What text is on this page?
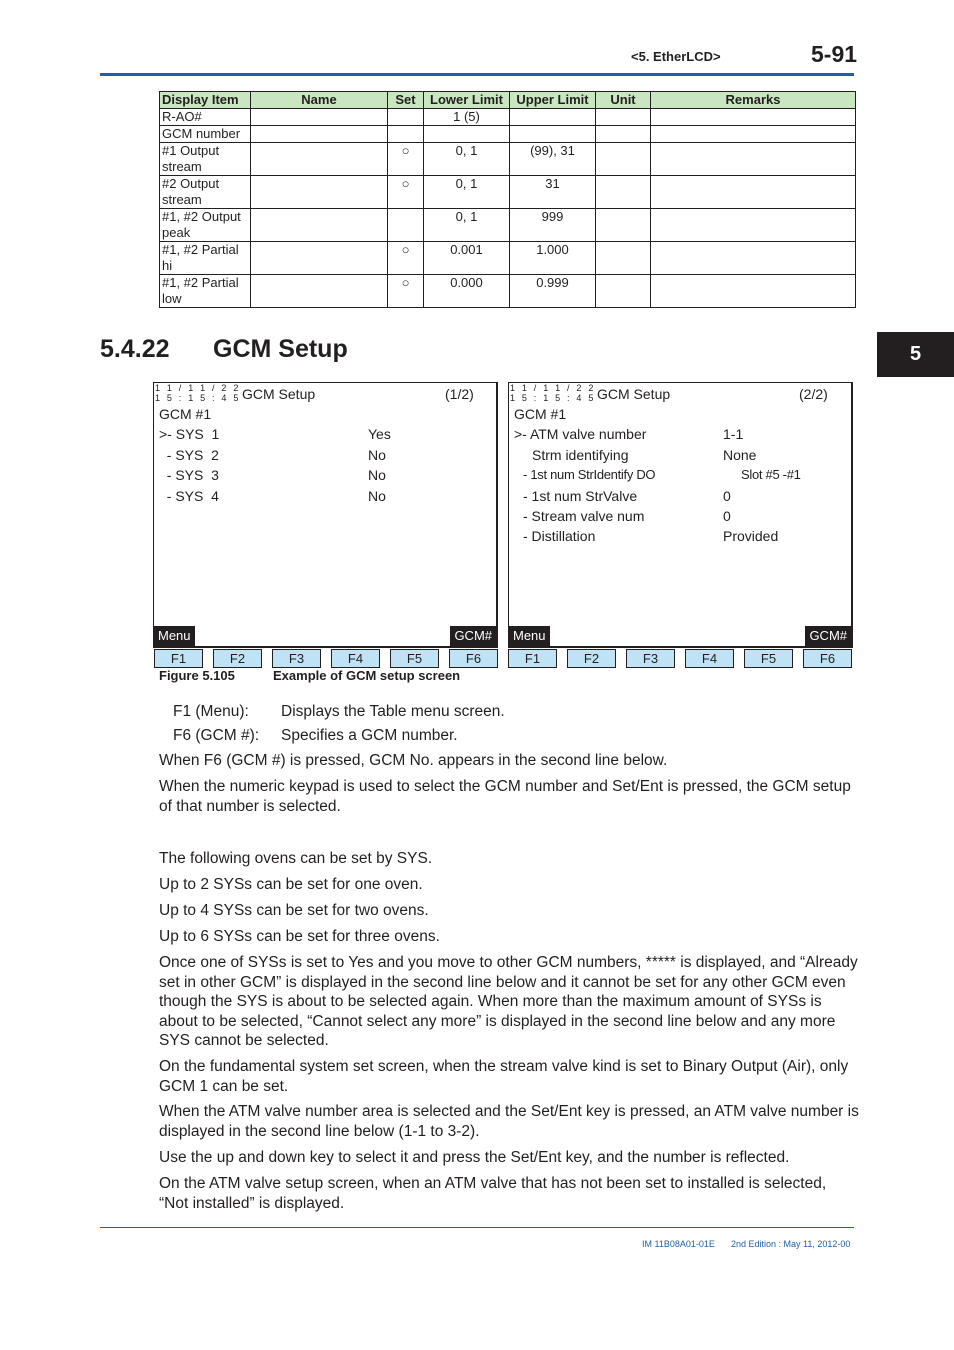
<5. EtherLCD>	5-91
5
Display Item	Name	Set	Lower Limit	Upper Limit	Unit	Remarks
R-AO#			1 (5)			
GCM number						
#1 Output stream		○	0, 1	(99), 31		
#2 Output stream		○	0, 1	31		
#1, #2 Output peak			0, 1	999		
#1, #2 Partial hi		○	0.001	1.000		
#1, #2 Partial low		○	0.000	0.999		
5.4.22 GCM Setup
1 1 / 1 1 / 2 2
1 5 : 1 5 : 4 5 GCM Setup	(1/2)
GCM #1
>- SYS  1	Yes
- SYS  2	No
- SYS  3	No
- SYS  4	No
Menu	GCM#
F1	F2	F3	F4	F5	F6
1 1 / 1 1 / 2 2
1 5 : 1 5 : 4 5 GCM Setup	(2/2)
GCM #1
>- ATM valve number	1-1
Strm identifying	None
- 1st num StrIdentify DO	Slot #5 -#1
- 1st num StrValve	0
- Stream valve num	0
- Distillation	Provided
Menu	GCM#
F1	F2	F3	F4	F5	F6
Figure 5.105	Example of GCM setup screen
F1 (Menu): Displays the Table menu screen.
F6 (GCM #): Specifies a GCM number.
When F6 (GCM #) is pressed, GCM No. appears in the second line below.
When the numeric keypad is used to select the GCM number and Set/Ent is pressed, the GCM setup of that number is selected.
The following ovens can be set by SYS.
Up to 2 SYSs can be set for one oven.
Up to 4 SYSs can be set for two ovens.
Up to 6 SYSs can be set for three ovens.
Once one of SYSs is set to Yes and you move to other GCM numbers, ***** is displayed, and “Already set in other GCM” is displayed in the second line below and it cannot be set for any other GCM even though the SYS is about to be selected again. When more than the maximum amount of SYSs is about to be selected, “Cannot select any more” is displayed in the second line below and any more SYS cannot be selected.
On the fundamental system set screen, when the stream valve kind is set to Binary Output (Air), only GCM 1 can be set.
When the ATM valve number area is selected and the Set/Ent key is pressed, an ATM valve number is displayed in the second line below (1-1 to 3-2).
Use the up and down key to select it and press the Set/Ent key, and the number is reflected.
On the ATM valve setup screen, when an ATM valve that has not been set to installed is selected, “Not installed” is displayed.
IM 11B08A01-01E 2nd Edition : May 11, 2012-00
